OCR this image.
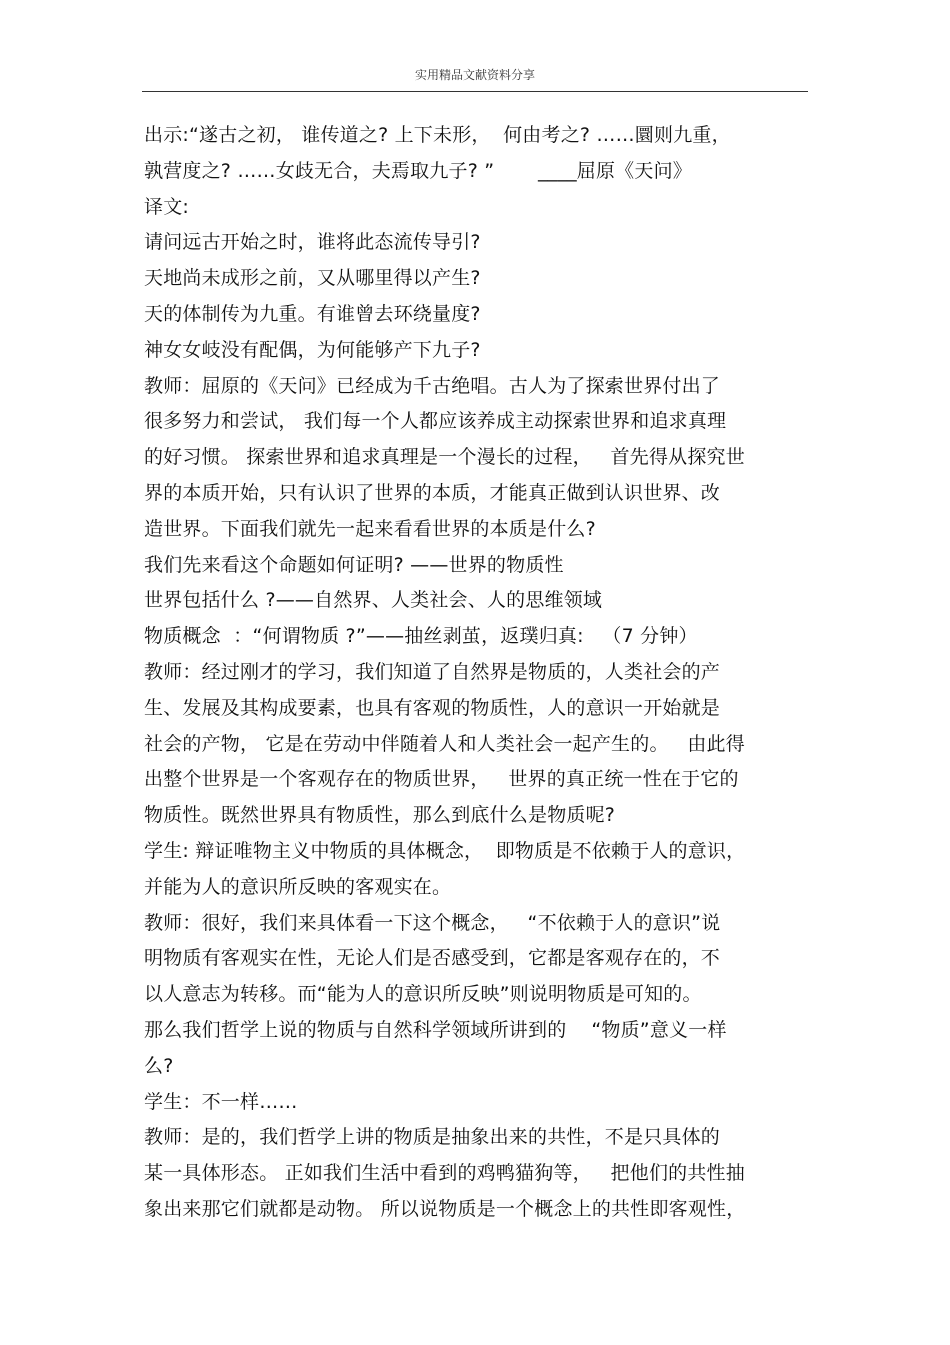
实用精品文献资料分享
出示:“遂古之初， 谁传道之? 上下未形，  何由考之? ……圜则九重，
孰营度之? ……女歧无合，夫焉取九子? ”       ____屈原《天问》
译文:
请问远古开始之时，谁将此态流传导引?
天地尚未成形之前，又从哪里得以产生?
天的体制传为九重。有谁曾去环绕量度?
神女女岐没有配偶，为何能够产下九子?
教师：屈原的《天问》已经成为千古绝唱。古人为了探索世界付出了
很多努力和尝试， 我们每一个人都应该养成主动探索世界和追求真理
的好习惯。 探索世界和追求真理是一个漫长的过程，   首先得从探究世
界的本质开始，只有认识了世界的本质，才能真正做到认识世界、改
造世界。下面我们就先一起来看看世界的本质是什么?
我们先来看这个命题如何证明? ——世界的物质性
世界包括什么 ?——自然界、人类社会、人的思维领域
物质概念  ：“何谓物质 ?”——抽丝剥茧，返璞归真:   （7 分钟）
教师：经过刚才的学习，我们知道了自然界是物质的，人类社会的产
生、发展及其构成要素，也具有客观的物质性，人的意识一开始就是
社会的产物， 它是在劳动中伴随着人和人类社会一起产生的。   由此得
出整个世界是一个客观存在的物质世界，   世界的真正统一性在于它的
物质性。既然世界具有物质性，那么到底什么是物质呢?
学生: 辩证唯物主义中物质的具体概念，  即物质是不依赖于人的意识，
并能为人的意识所反映的客观实在。
教师：很好，我们来具体看一下这个概念，   “不依赖于人的意识”说
明物质有客观实在性，无论人们是否感受到，它都是客观存在的，不
以人意志为转移。而“能为人的意识所反映”则说明物质是可知的。
那么我们哲学上说的物质与自然科学领域所讲到的    “物质”意义一样
么?
学生：不一样……
教师：是的，我们哲学上讲的物质是抽象出来的共性，不是只具体的
某一具体形态。 正如我们生活中看到的鸡鸭猫狗等，   把他们的共性抽
象出来那它们就都是动物。 所以说物质是一个概念上的共性即客观性，
